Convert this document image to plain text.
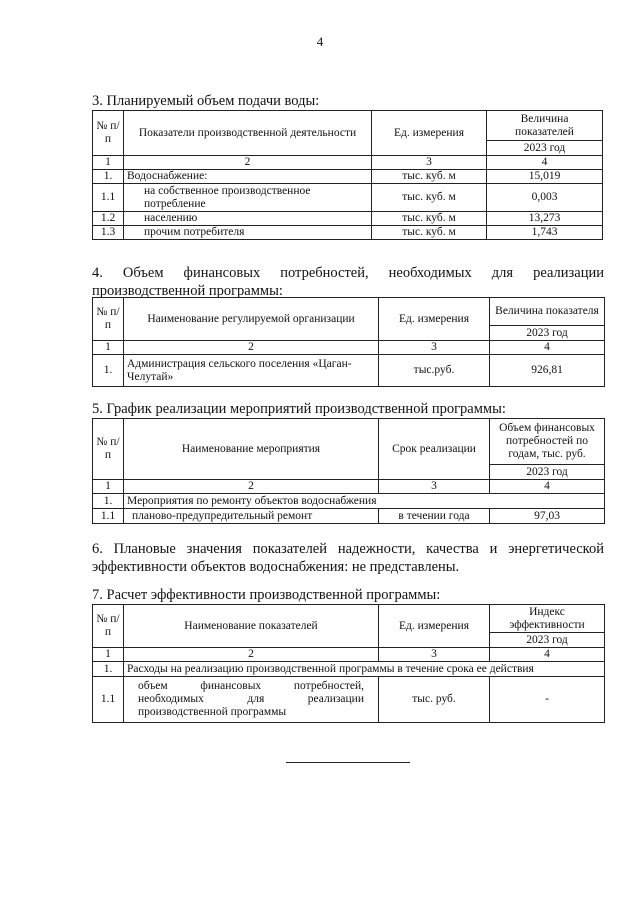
4
3. Планируемый объем подачи воды:
№ п/п	Показатели производственной деятельности	Ед. измерения	Величина показателей
			2023 год
1	2	3	4
1.	Водоснабжение:	тыс. куб. м	15,019
1.1	на собственное производственное потребление	тыс. куб. м	0,003
1.2	населению	тыс. куб. м	13,273
1.3	прочим потребителя	тыс. куб. м	1,743
4. Объем финансовых потребностей, необходимых для реализации
производственной программы:
№ п/п	Наименование регулируемой организации	Ед. измерения	Величина показателя
			2023 год
1	2	3	4
1.	Администрация сельского поселения «Цаган-Челутай»	тыс.руб.	926,81
5. График реализации мероприятий производственной программы:
№ п/п	Наименование мероприятия	Срок реализации	Объем финансовых потребностей по годам, тыс. руб.
			2023 год
1	2	3	4
1.	Мероприятия по ремонту объектов водоснабжения		
1.1	планово-предупредительный ремонт	в течении года	97,03
6. Плановые значения показателей надежности, качества и энергетической
эффективности объектов водоснабжения: не представлены.
7. Расчет эффективности производственной программы:
№ п/п	Наименование показателей	Ед. измерения	Индекс эффективности
			2023 год
1	2	3	4
1.	Расходы на реализацию производственной программы в течение срока ее действия		
1.1	объем финансовых потребностей, необходимых для реализации производственной программы	тыс. руб.	-
